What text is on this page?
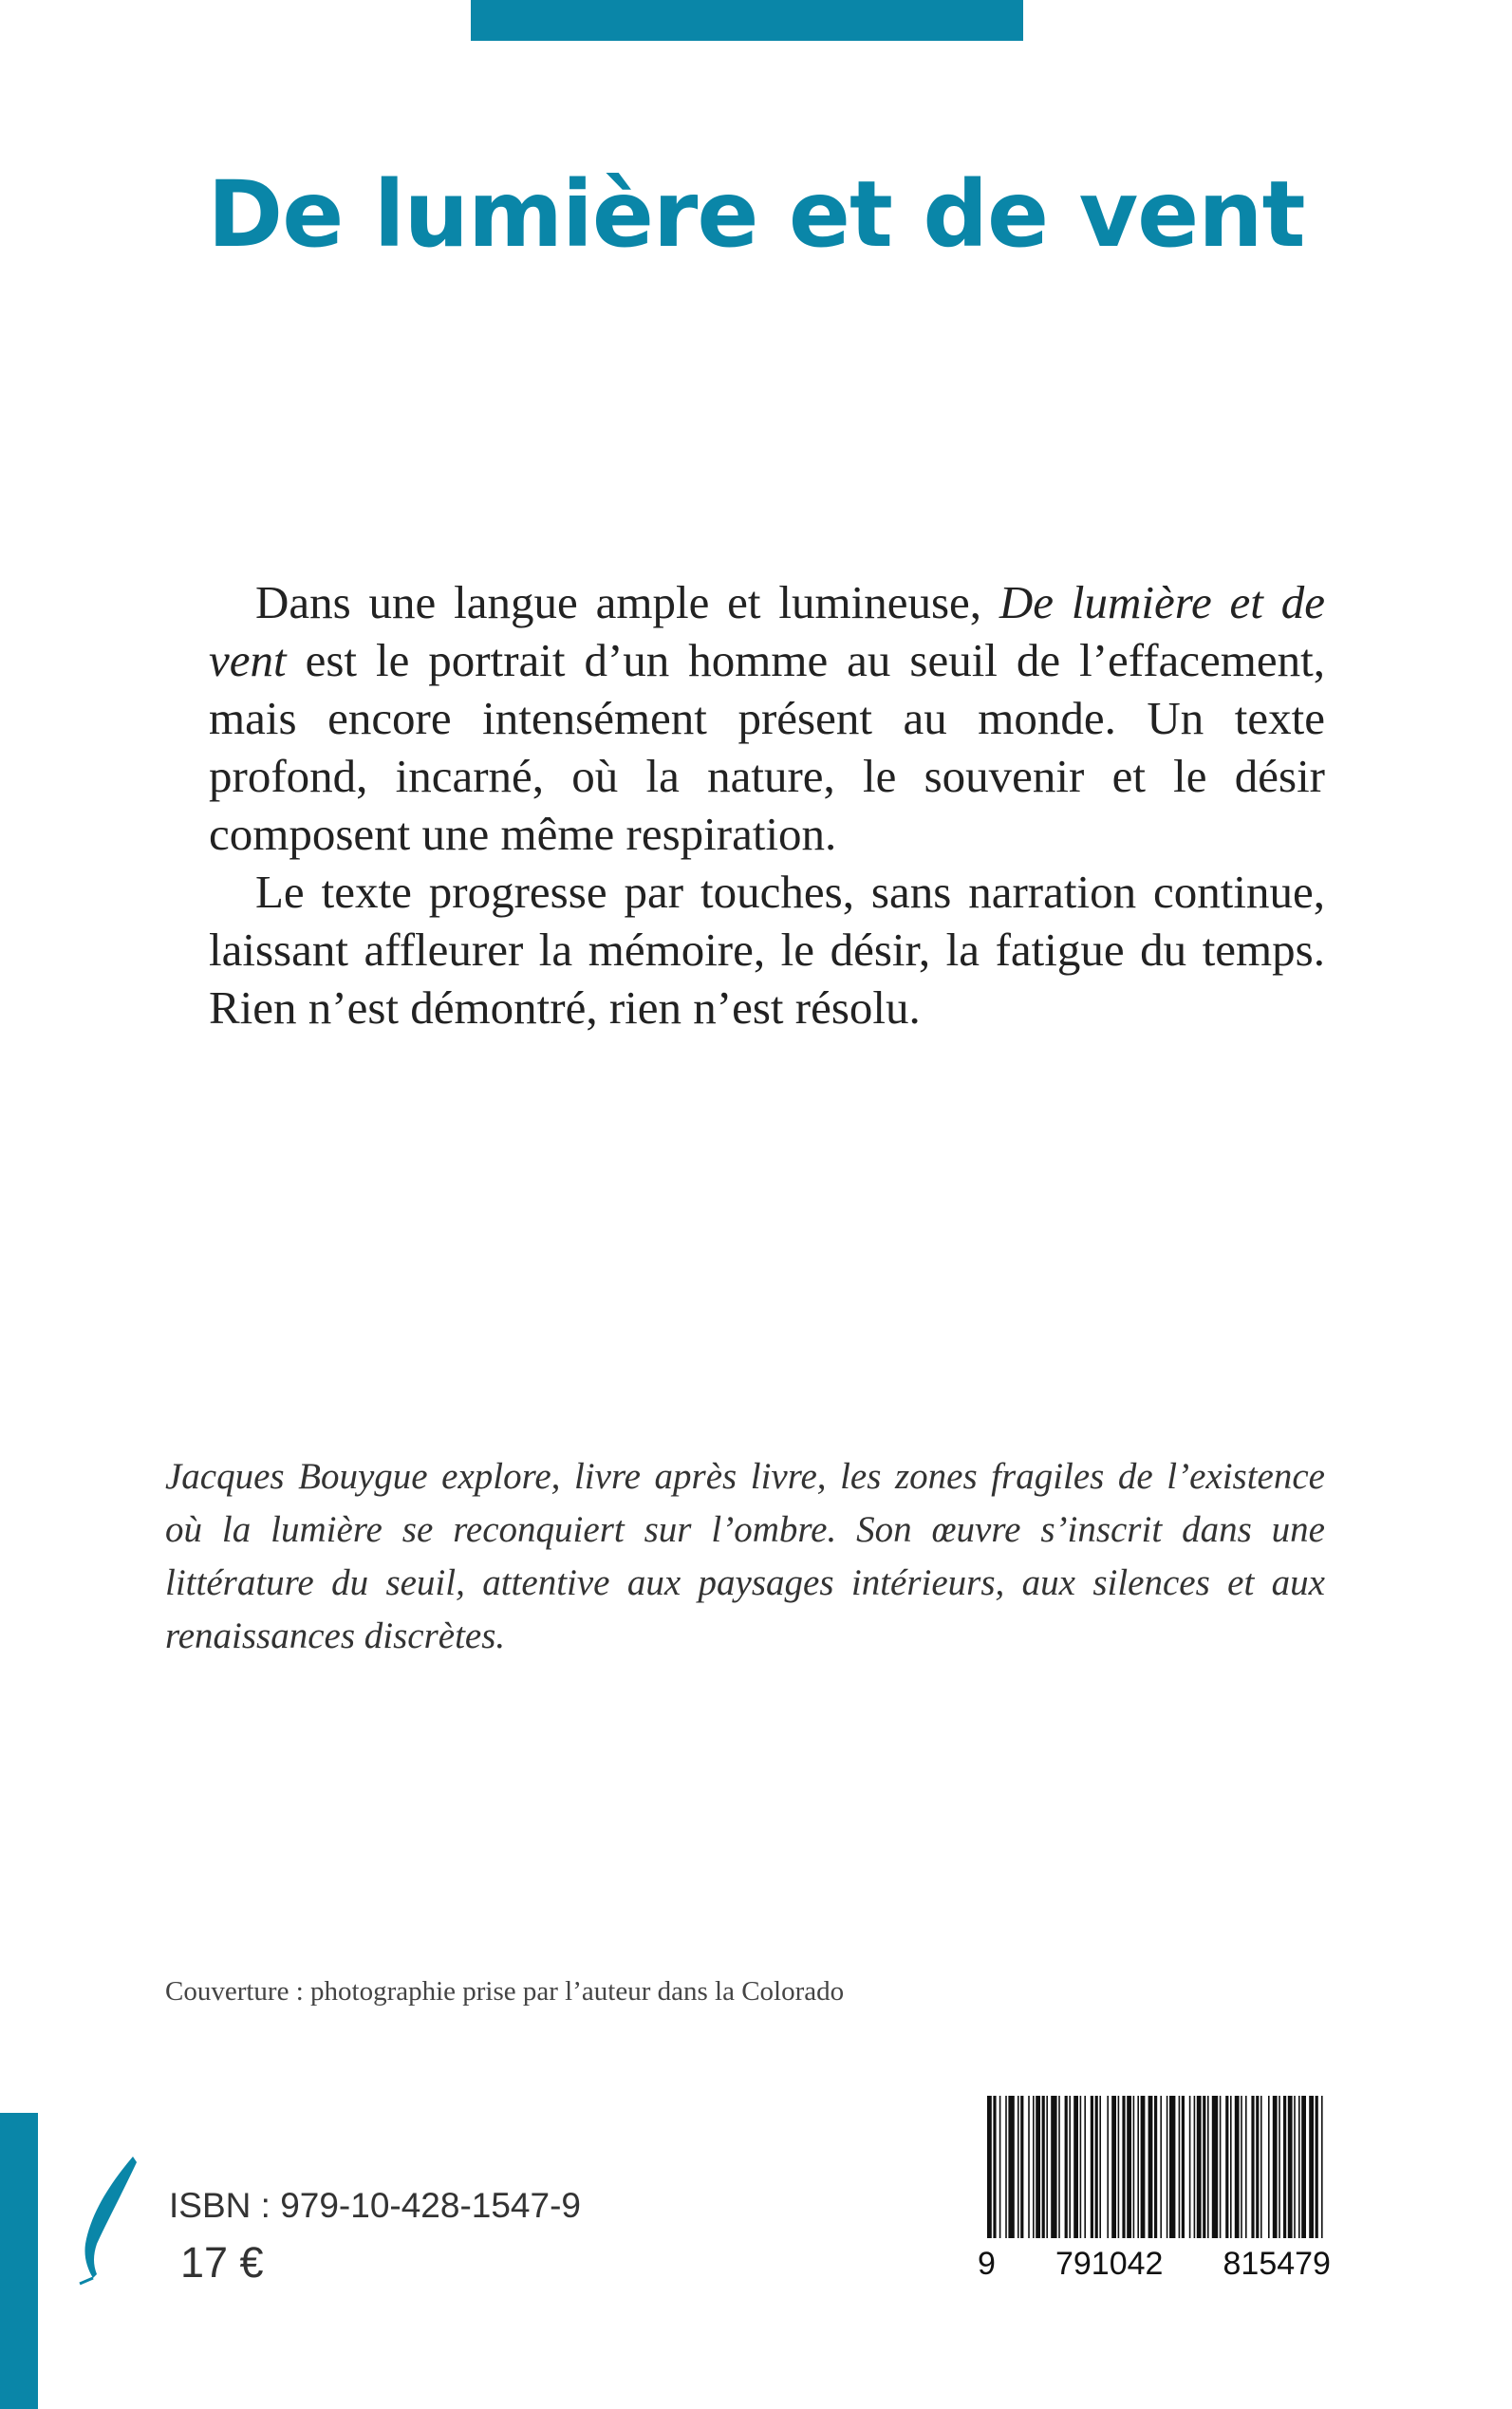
De lumière et de vent

 Dans une langue ample et lumineuse, De lumière et de vent est le portrait d’un homme au seuil de l’effacement, mais encore intensément présent au monde. Un texte profond, incarné, où la nature, le souvenir et le désir composent une même respiration.

 Le texte progresse par touches, sans narration continue, laissant affleurer la mémoire, le désir, la fatigue du temps. Rien n’est démontré, rien n’est résolu.

Jacques Bouygue explore, livre après livre, les zones fragiles de l’existence où la lumière se reconquiert sur l’ombre. Son œuvre s’inscrit dans une littérature du seuil, attentive aux paysages intérieurs, aux silences et aux renaissances discrètes.

Couverture : photographie prise par l’auteur dans la Colorado

ISBN : 979-10-428-1547-9
17 €	9 791042 815479
